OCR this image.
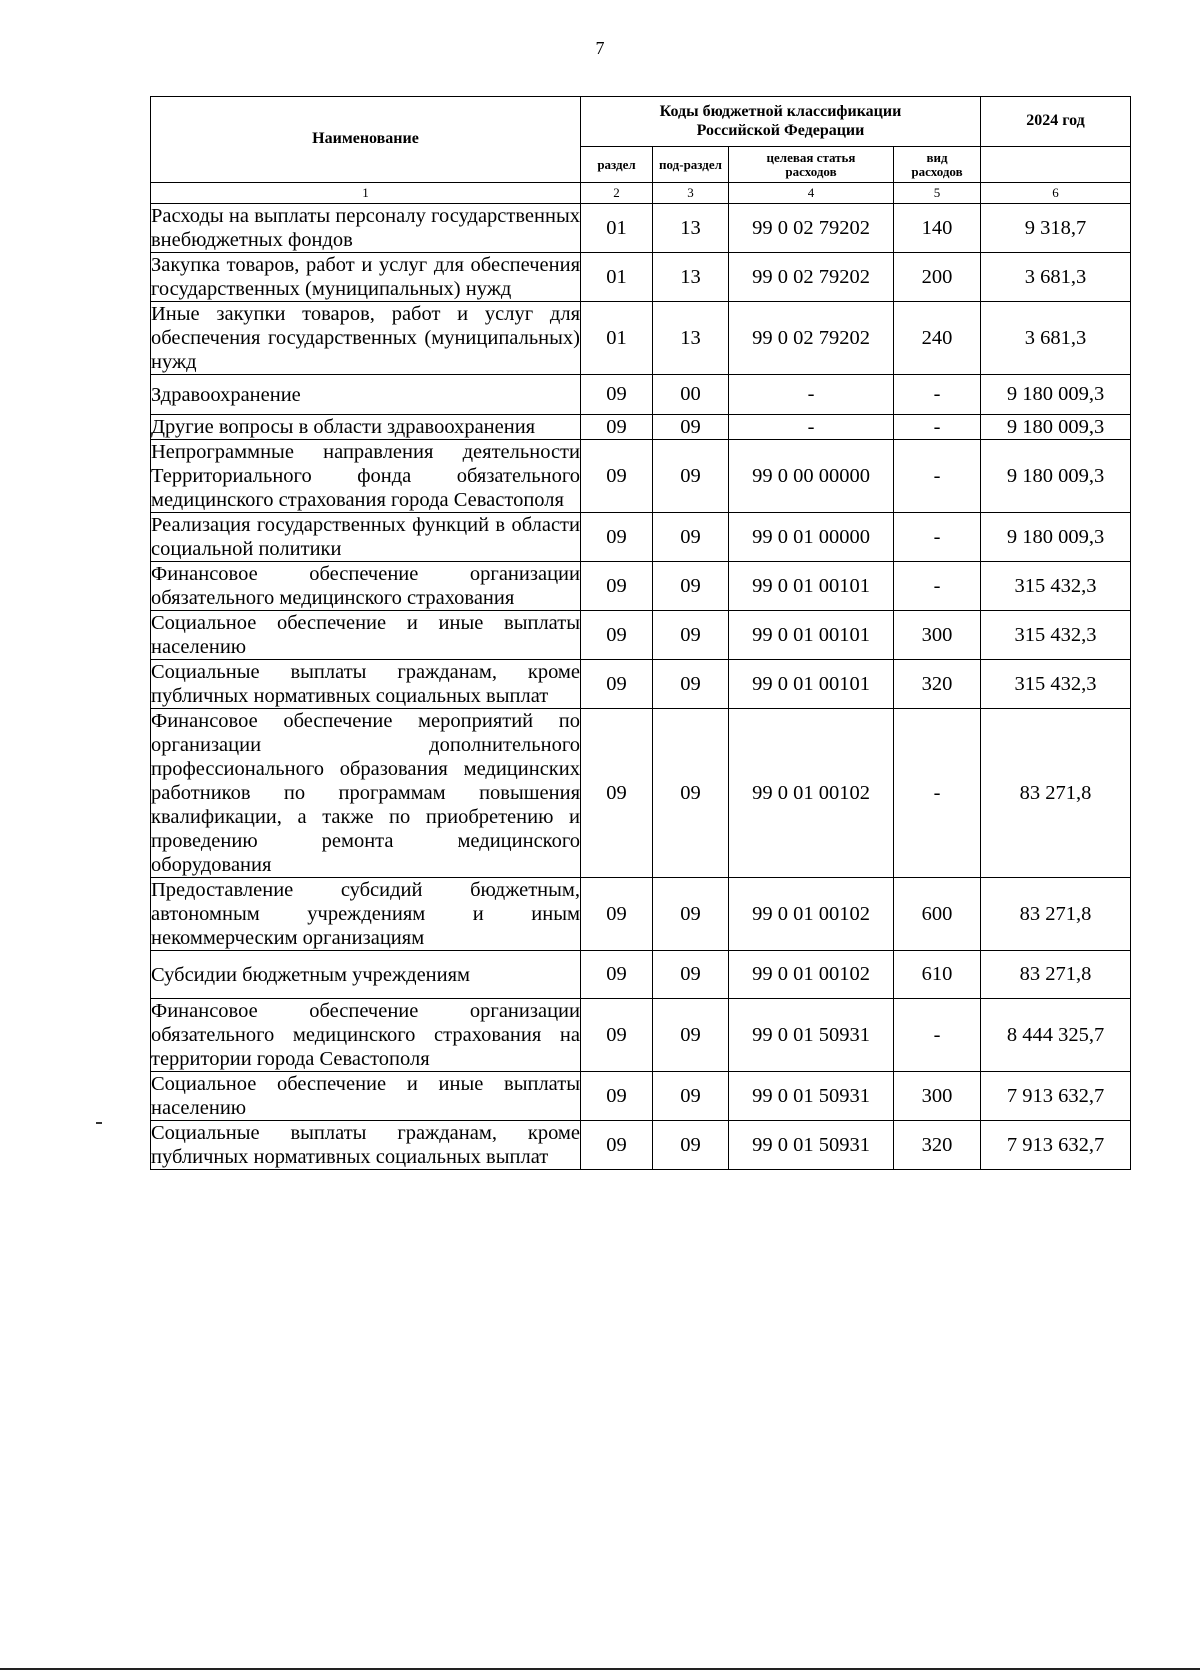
7
Наименование	Коды бюджетной классификации Российской Федерации				2024 год
	раздел	под-раздел	целевая статья расходов	вид расходов	
1	2	3	4	5	6
Расходы на выплаты персоналу государственных внебюджетных фондов	01	13	99 0 02 79202	140	9 318,7
Закупка товаров, работ и услуг для обеспечения государственных (муниципальных) нужд	01	13	99 0 02 79202	200	3 681,3
Иные закупки товаров, работ и услуг для обеспечения государственных (муниципальных) нужд	01	13	99 0 02 79202	240	3 681,3
Здравоохранение	09	00	-	-	9 180 009,3
Другие вопросы в области здравоохранения	09	09	-	-	9 180 009,3
Непрограммные направления деятельности Территориального фонда обязательного медицинского страхования города Севастополя	09	09	99 0 00 00000	-	9 180 009,3
Реализация государственных функций в области социальной политики	09	09	99 0 01 00000	-	9 180 009,3
Финансовое обеспечение организации обязательного медицинского страхования	09	09	99 0 01 00101	-	315 432,3
Социальное обеспечение и иные выплаты населению	09	09	99 0 01 00101	300	315 432,3
Социальные выплаты гражданам, кроме публичных нормативных социальных выплат	09	09	99 0 01 00101	320	315 432,3
Финансовое обеспечение мероприятий по организации дополнительного профессионального образования медицинских работников по программам повышения квалификации, а также по приобретению и проведению ремонта медицинского оборудования	09	09	99 0 01 00102	-	83 271,8
Предоставление субсидий бюджетным, автономным учреждениям и иным некоммерческим организациям	09	09	99 0 01 00102	600	83 271,8
Субсидии бюджетным учреждениям	09	09	99 0 01 00102	610	83 271,8
Финансовое обеспечение организации обязательного медицинского страхования на территории города Севастополя	09	09	99 0 01 50931	-	8 444 325,7
Социальное обеспечение и иные выплаты населению	09	09	99 0 01 50931	300	7 913 632,7
Социальные выплаты гражданам, кроме публичных нормативных социальных выплат	09	09	99 0 01 50931	320	7 913 632,7
